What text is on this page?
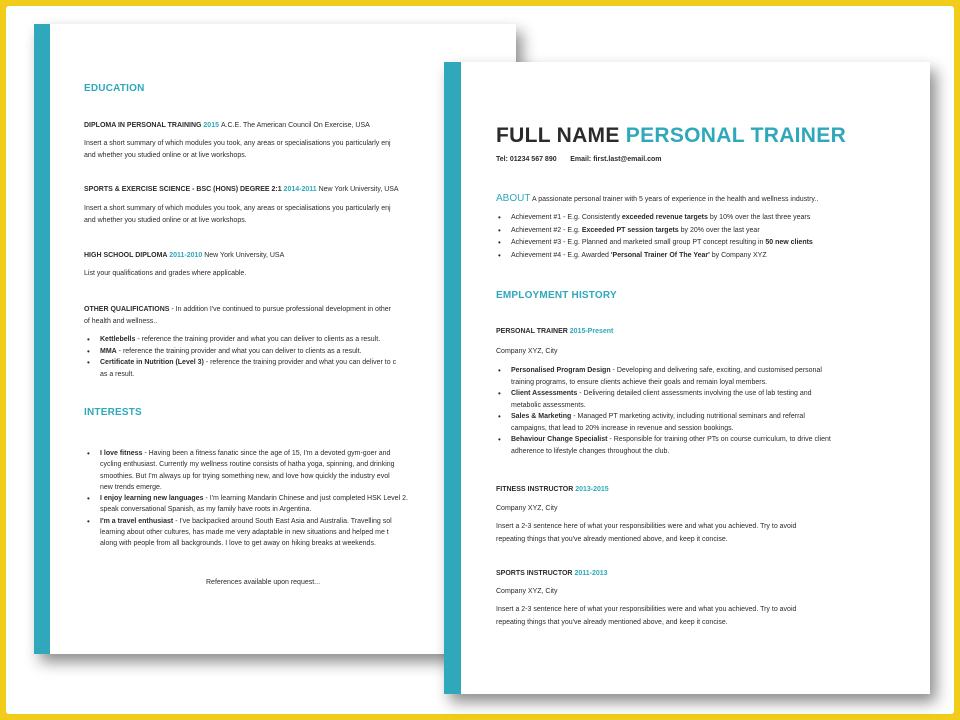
EDUCATION
DIPLOMA IN PERSONAL TRAINING 2015 A.C.E. The American Council On Exercise, USA
Insert a short summary of which modules you took, any areas or specialisations you particularly enj
and whether you studied online or at live workshops.
SPORTS & EXERCISE SCIENCE - BSC (HONS) DEGREE 2:1 2014-2011 New York University, USA
Insert a short summary of which modules you took, any areas or specialisations you particularly enj
and whether you studied online or at live workshops.
HIGH SCHOOL DIPLOMA 2011-2010 New York University, USA
List your qualifications and grades where applicable.
OTHER QUALIFICATIONS - In addition I've continued to pursue professional development in other
of health and wellness..
• Kettlebells - reference the training provider and what you can deliver to clients as a result.
• MMA - reference the training provider and what you can deliver to clients as a result.
• Certificate in Nutrition (Level 3) - reference the training provider and what you can deliver to c
as a result.
INTERESTS
• I love fitness - Having been a fitness fanatic since the age of 15, I'm a devoted gym-goer and
cycling enthusiast. Currently my wellness routine consists of hatha yoga, spinning, and drinking
smoothies. But I'm always up for trying something new, and love how quickly the industry evol
new trends emerge.
• I enjoy learning new languages - I'm learning Mandarin Chinese and just completed HSK Level 2.
speak conversational Spanish, as my family have roots in Argentina.
• I'm a travel enthusiast - I've backpacked around South East Asia and Australia. Travelling sol
learning about other cultures, has made me very adaptable in new situations and helped me t
along with people from all backgrounds. I love to get away on hiking breaks at weekends.
References available upon request...
FULL NAME PERSONAL TRAINER
Tel: 01234 567 890 Email: first.last@email.com
ABOUT A passionate personal trainer with 5 years of experience in the health and wellness industry..
• Achievement #1 - E.g. Consistently exceeded revenue targets by 10% over the last three years
• Achievement #2 - E.g. Exceeded PT session targets by 20% over the last year
• Achievement #3 - E.g. Planned and marketed small group PT concept resulting in 50 new clients
• Achievement #4 - E.g. Awarded 'Personal Trainer Of The Year' by Company XYZ
EMPLOYMENT HISTORY
PERSONAL TRAINER 2015-Present
Company XYZ, City
• Personalised Program Design - Developing and delivering safe, exciting, and customised personal
training programs, to ensure clients achieve their goals and remain loyal members.
• Client Assessments - Delivering detailed client assessments involving the use of lab testing and
metabolic assessments.
• Sales & Marketing - Managed PT marketing activity, including nutritional seminars and referral
campaigns, that lead to 20% increase in revenue and session bookings.
• Behaviour Change Specialist - Responsible for training other PTs on course curriculum, to drive client
adherence to lifestyle changes throughout the club.
FITNESS INSTRUCTOR 2013-2015
Company XYZ, City
Insert a 2-3 sentence here of what your responsibilities were and what you achieved. Try to avoid
repeating things that you've already mentioned above, and keep it concise.
SPORTS INSTRUCTOR 2011-2013
Company XYZ, City
Insert a 2-3 sentence here of what your responsibilities were and what you achieved. Try to avoid
repeating things that you've already mentioned above, and keep it concise.
